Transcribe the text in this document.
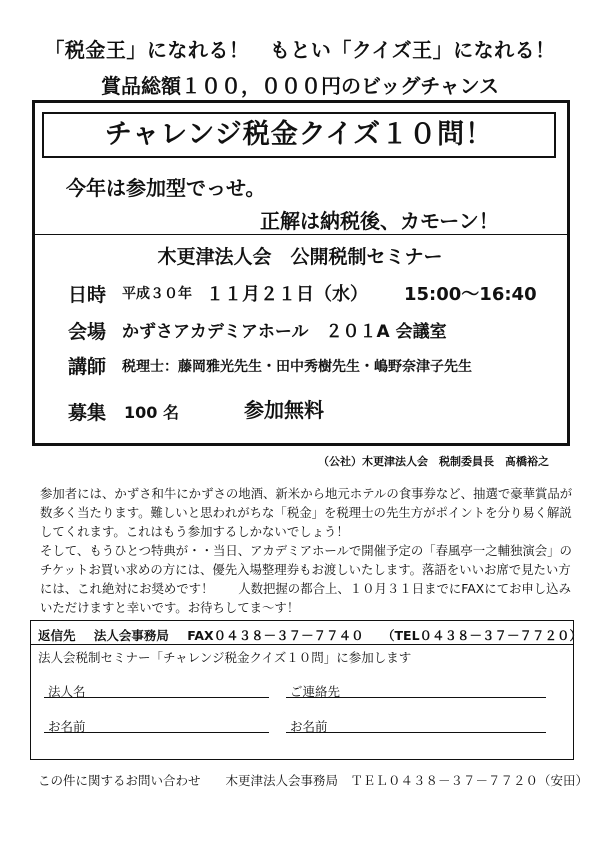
「税金王」になれる！　もとい「クイズ王」になれる！
賞品総額１００，０００円のビッグチャンス
チャレンジ税金クイズ１０問！
今年は参加型でっせ。
正解は納税後、カモーン！
木更津法人会　公開税制セミナー
日時 平成３０年 １１月２１日（水） 15:00～16:40
会場 かずさアカデミアホール　２０１A 会議室
講師 税理士：藤岡雅光先生・田中秀樹先生・嶋野奈津子先生
募集 100 名	参加無料
（公社）木更津法人会　税制委員長　髙橋裕之

参加者には、かずさ和牛にかずさの地酒、新米から地元ホテルの食事券など、抽選で豪華賞品が

数多く当たります。難しいと思われがちな「税金」を税理士の先生方がポイントを分り易く解説

してくれます。これはもう参加するしかないでしょう！

そして、もうひとつ特典が・・当日、アカデミアホールで開催予定の「春風亭一之輔独演会」の

チケットお買い求めの方には、優先入場整理券もお渡しいたします。落語をいいお席で見たい方

には、これ絶対にお奨めです！　　人数把握の都合上、１０月３１日までにFAXにてお申し込み

いただけますと幸いです。お待ちしてま～す！

返信先 法人会事務局 FAX０４３８－３７－７７４０ （TEL０４３８－３７－７７２０）
法人会税制セミナー「チャレンジ税金クイズ１０問」に参加します
法人名	ご連絡先
お名前	お名前
この件に関するお問い合わせ　　木更津法人会事務局　ＴＥＬ０４３８－３７－７７２０（安田）
